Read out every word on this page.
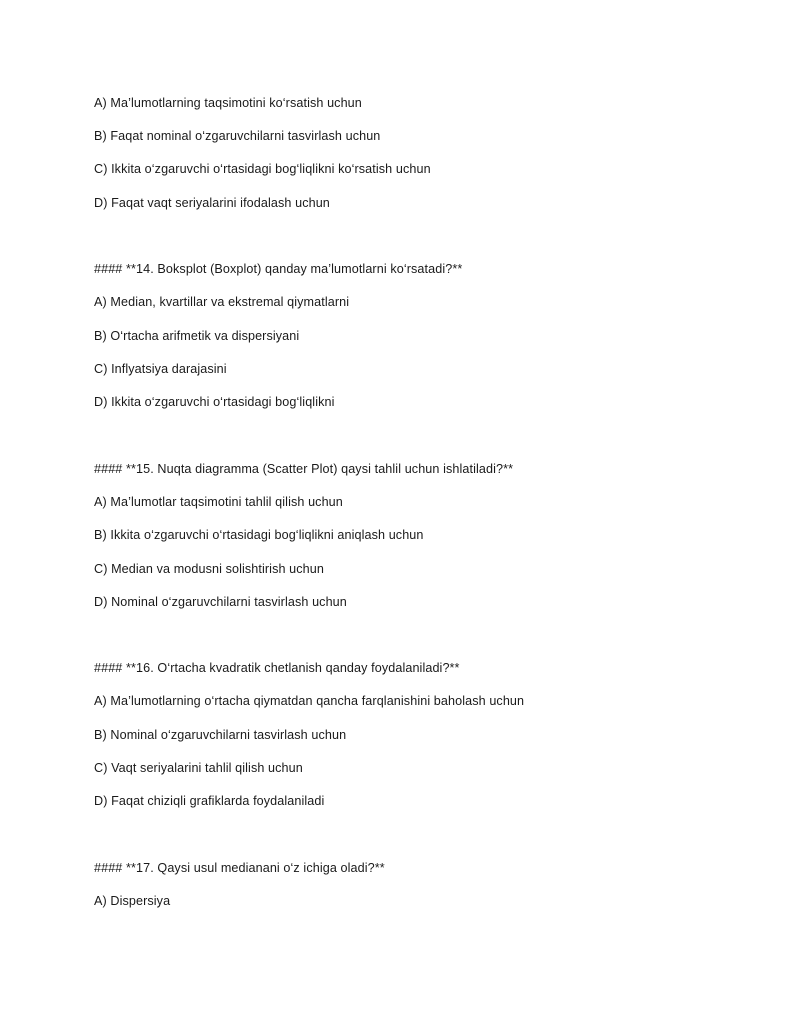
A) Ma’lumotlarning taqsimotini ko‘rsatish uchun
B) Faqat nominal o‘zgaruvchilarni tasvirlash uchun
C) Ikkita o‘zgaruvchi o‘rtasidagi bog‘liqlikni ko‘rsatish uchun
D) Faqat vaqt seriyalarini ifodalash uchun
#### **14. Boksplot (Boxplot) qanday ma’lumotlarni ko‘rsatadi?**
A) Median, kvartillar va ekstremal qiymatlarni
B) O‘rtacha arifmetik va dispersiyani
C) Inflyatsiya darajasini
D) Ikkita o‘zgaruvchi o‘rtasidagi bog‘liqlikni
#### **15. Nuqta diagramma (Scatter Plot) qaysi tahlil uchun ishlatiladi?**
A) Ma’lumotlar taqsimotini tahlil qilish uchun
B) Ikkita o‘zgaruvchi o‘rtasidagi bog‘liqlikni aniqlash uchun
C) Median va modusni solishtirish uchun
D) Nominal o‘zgaruvchilarni tasvirlash uchun
#### **16. O‘rtacha kvadratik chetlanish qanday foydalaniladi?**
A) Ma’lumotlarning o‘rtacha qiymatdan qancha farqlanishini baholash uchun
B) Nominal o‘zgaruvchilarni tasvirlash uchun
C) Vaqt seriyalarini tahlil qilish uchun
D) Faqat chiziqli grafiklarda foydalaniladi
#### **17. Qaysi usul medianani o‘z ichiga oladi?**
A) Dispersiya
